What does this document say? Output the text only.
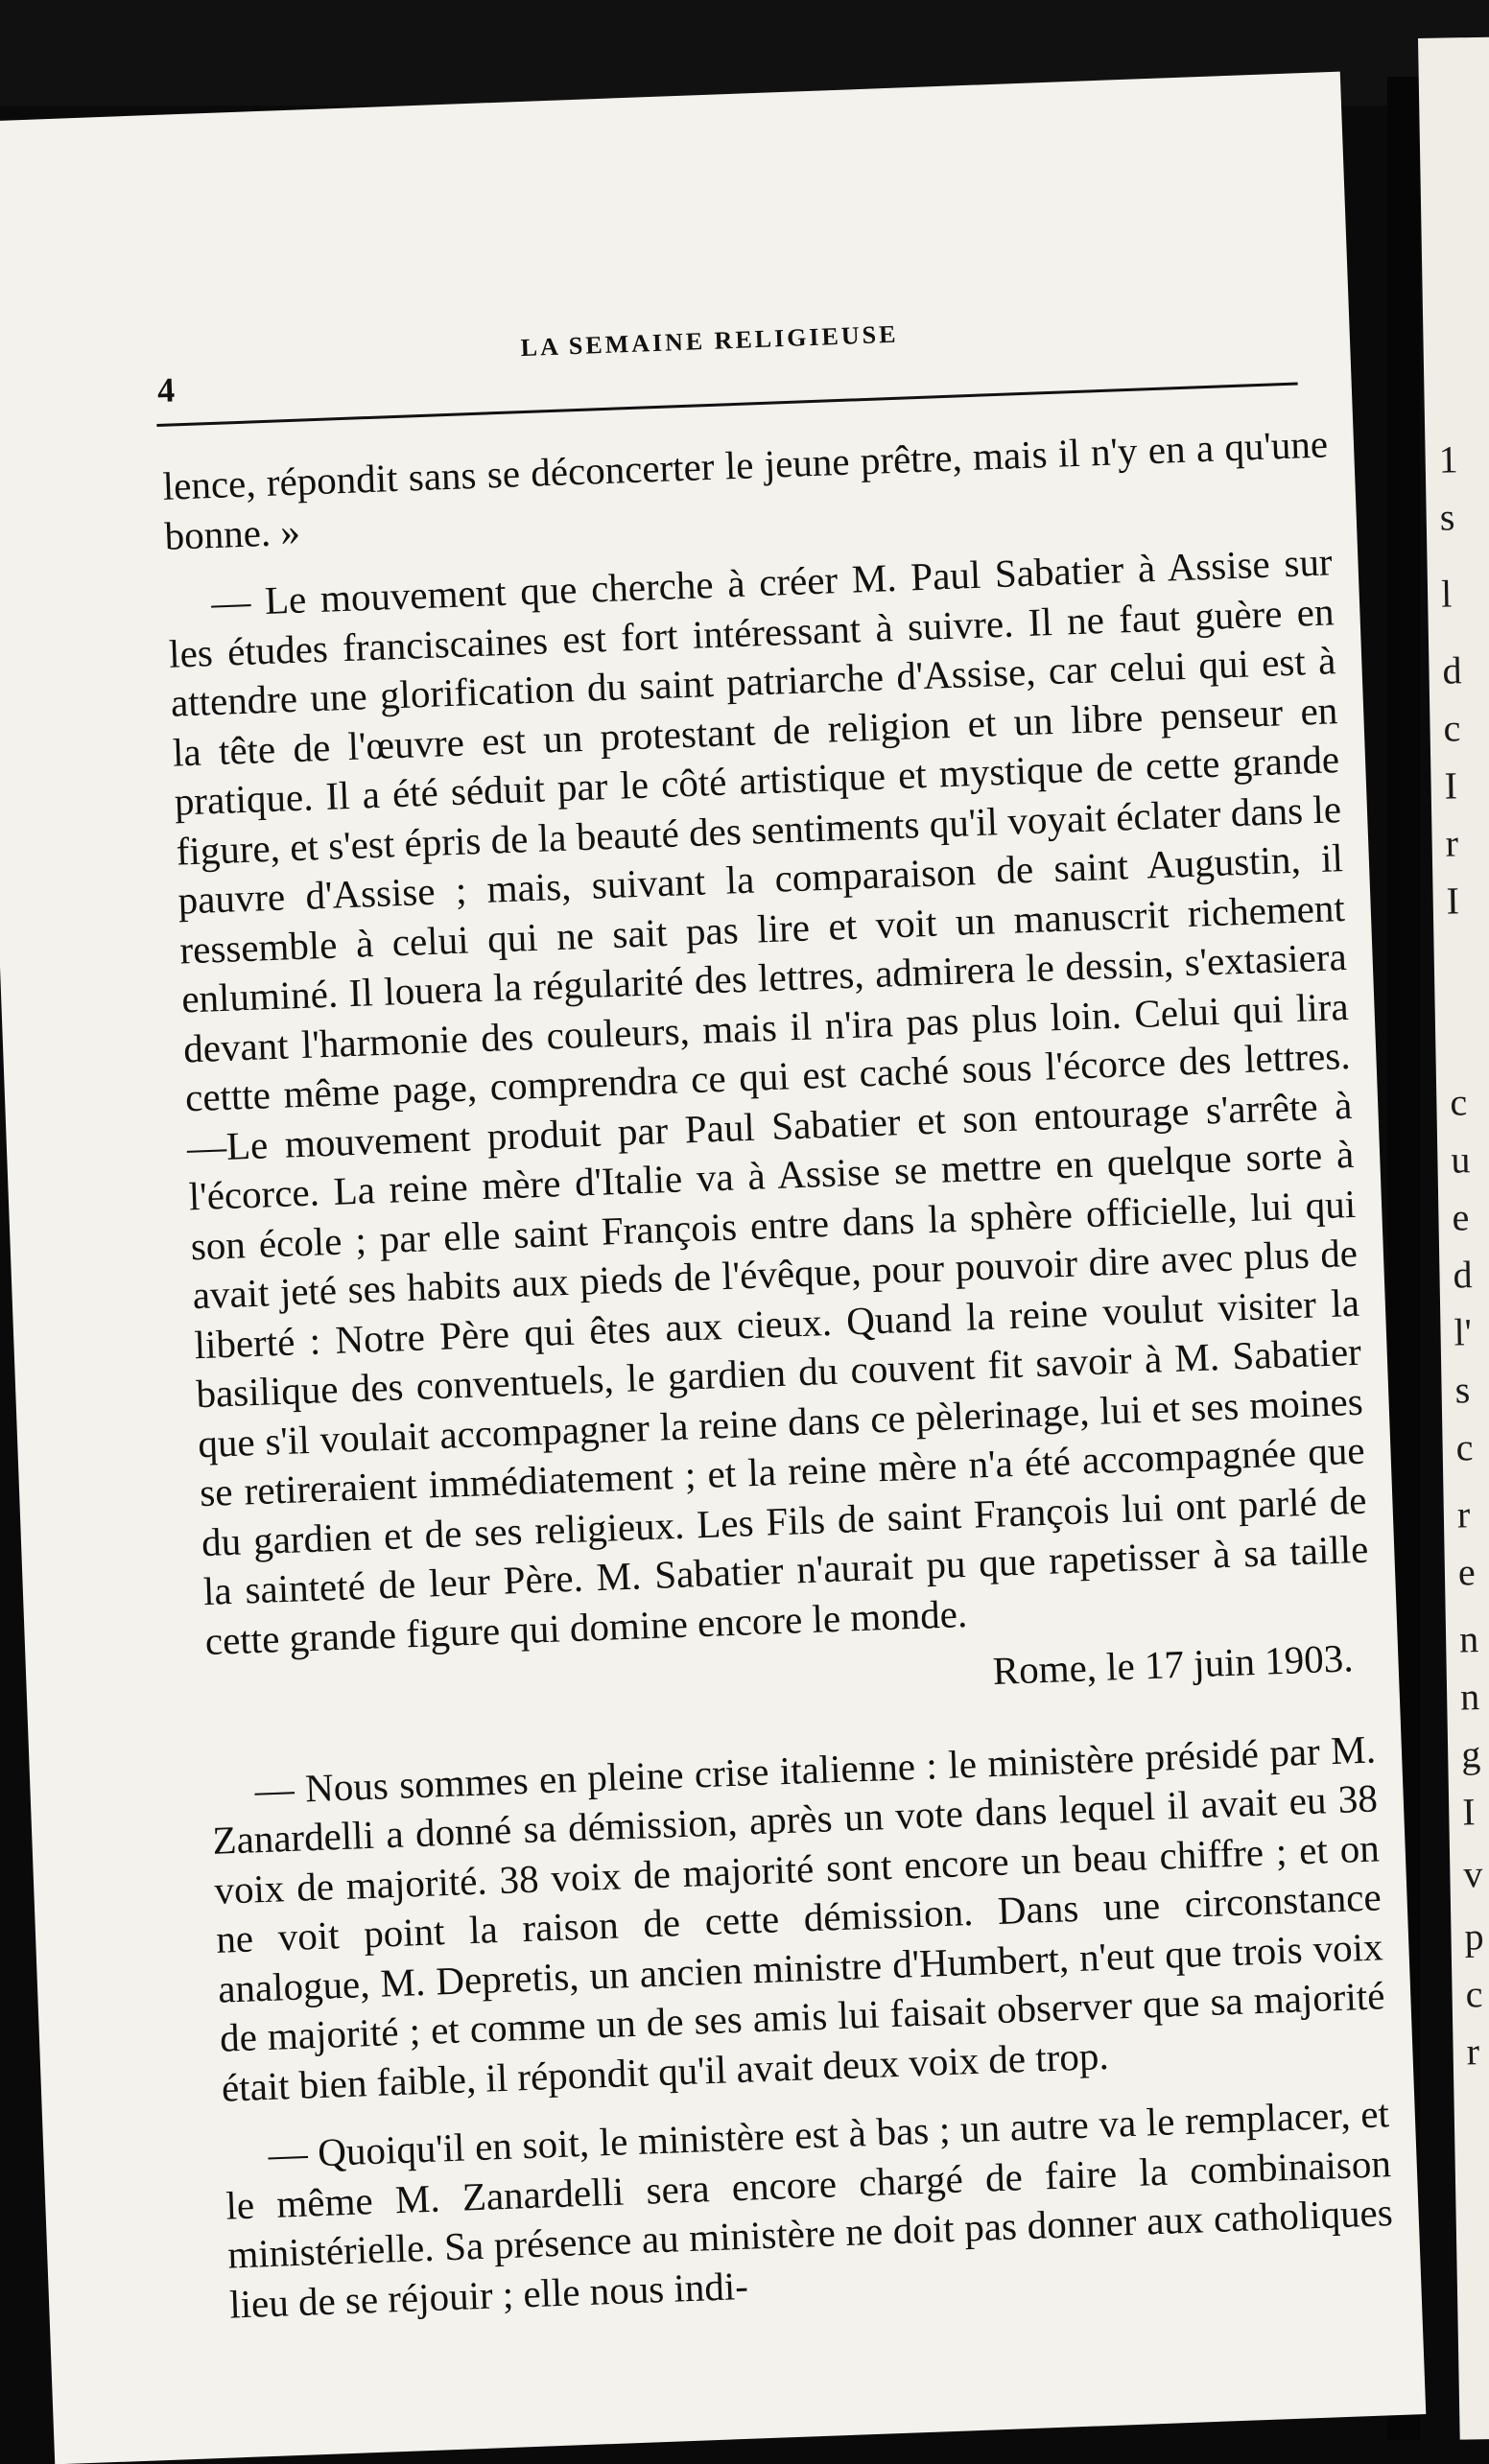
1
s
l
d
c
I
r
I
c
u
e
d
l'
s
c
r
e
n
n
g
I
v
p
c
r
4
LA SEMAINE RELIGIEUSE

lence, répondit sans se déconcerter le jeune prêtre, mais il n'y en a qu'une bonne. »

— Le mouvement que cherche à créer M. Paul Sabatier à Assise sur les études franciscaines est fort intéressant à suivre. Il ne faut guère en attendre une glorification du saint patriarche d'Assise, car celui qui est à la tête de l'œuvre est un protestant de religion et un libre penseur en pratique. Il a été séduit par le côté artistique et mystique de cette grande figure, et s'est épris de la beauté des sentiments qu'il voyait éclater dans le pauvre d'Assise ; mais, suivant la comparaison de saint Augustin, il ressemble à celui qui ne sait pas lire et voit un manuscrit richement enluminé. Il louera la régularité des lettres, admirera le dessin, s'extasiera devant l'harmonie des couleurs, mais il n'ira pas plus loin. Celui qui lira cettte même page, comprendra ce qui est caché sous l'écorce des lettres.—Le mouvement produit par Paul Sabatier et son entourage s'arrête à l'écorce. La reine mère d'Italie va à Assise se mettre en quelque sorte à son école ; par elle saint François entre dans la sphère officielle, lui qui avait jeté ses habits aux pieds de l'évêque, pour pouvoir dire avec plus de liberté : Notre Père qui êtes aux cieux. Quand la reine voulut visiter la basilique des conventuels, le gardien du couvent fit savoir à M. Sabatier que s'il voulait accompagner la reine dans ce pèlerinage, lui et ses moines se retireraient immédiatement ; et la reine mère n'a été accompagnée que du gardien et de ses religieux. Les Fils de saint François lui ont parlé de la sainteté de leur Père. M. Sabatier n'aurait pu que rapetisser à sa taille cette grande figure qui domine encore le monde.

Rome, le 17 juin 1903.

— Nous sommes en pleine crise italienne : le ministère présidé par M. Zanardelli a donné sa démission, après un vote dans lequel il avait eu 38 voix de majorité. 38 voix de majorité sont encore un beau chiffre ; et on ne voit point la raison de cette démission. Dans une circonstance analogue, M. Depretis, un ancien ministre d'Humbert, n'eut que trois voix de majorité ; et comme un de ses amis lui faisait observer que sa majorité était bien faible, il répondit qu'il avait deux voix de trop.

— Quoiqu'il en soit, le ministère est à bas ; un autre va le remplacer, et le même M. Zanardelli sera encore chargé de faire la combinaison ministérielle. Sa présence au ministère ne doit pas donner aux catholiques lieu de se réjouir ; elle nous indi-
